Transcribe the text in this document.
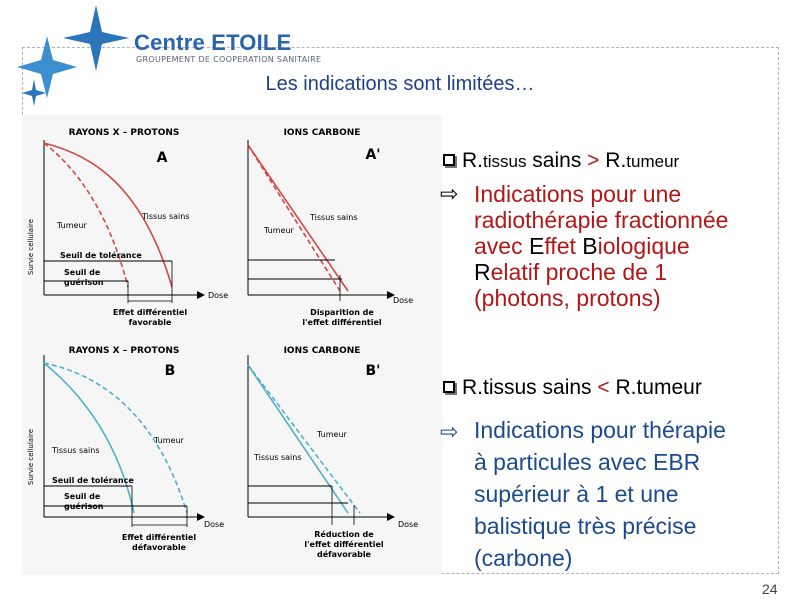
Centre ETOILE
GROUPEMENT DE COOPERATION SANITAIRE
Les indications sont limitées…
RAYONS X – PROTONS
A
Survie cellulaire
Dose
Tumeur
Tissus sains
Seuil de tolérance
Seuil de
guérison
Effet différentiel
favorable
IONS CARBONE
A'
Dose
Tumeur
Tissus sains
Disparition de
l'effet différentiel
RAYONS X – PROTONS
B
Survie cellulaire
Dose
Tissus sains
Tumeur
Seuil de tolérance
Seuil de
guérison
Effet différentiel
défavorable
IONS CARBONE
B'
Dose
Tumeur
Tissus sains
Réduction de
l'effet différentiel
défavorable
R.tissus sains > R.tumeur
⇨ Indications pour une
radiothérapie fractionnée
avec Effet Biologique
Relatif proche de 1
(photons, protons)
R.tissus sains < R.tumeur
⇨ Indications pour thérapie
à particules avec EBR
supérieur à 1 et une
balistique très précise
(carbone)
24
